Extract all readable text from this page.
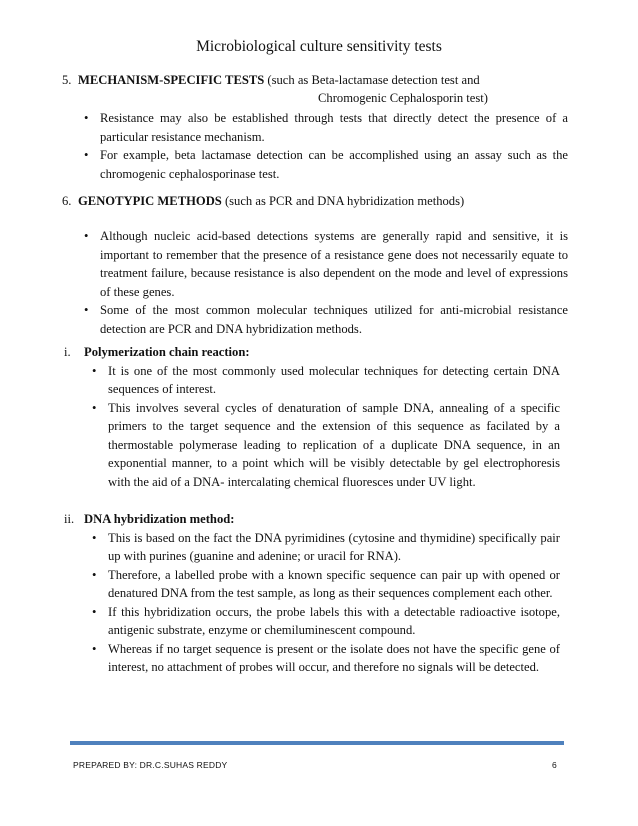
Microbiological culture sensitivity tests
5. MECHANISM-SPECIFIC TESTS (such as Beta-lactamase detection test and
Chromogenic Cephalosporin test)
• Resistance may also be established through tests that directly detect the presence of a particular resistance mechanism.
• For example, beta lactamase detection can be accomplished using an assay such as the chromogenic cephalosporinase test.
6. GENOTYPIC METHODS (such as PCR and DNA hybridization methods)
• Although nucleic acid-based detections systems are generally rapid and sensitive, it is important to remember that the presence of a resistance gene does not necessarily equate to treatment failure, because resistance is also dependent on the mode and level of expressions of these genes.
• Some of the most common molecular techniques utilized for anti-microbial resistance detection are PCR and DNA hybridization methods.
i. Polymerization chain reaction:
• It is one of the most commonly used molecular techniques for detecting certain DNA sequences of interest.
• This involves several cycles of denaturation of sample DNA, annealing of a specific primers to the target sequence and the extension of this sequence as facilated by a thermostable polymerase leading to replication of a duplicate DNA sequence, in an exponential manner, to a point which will be visibly detectable by gel electrophoresis with the aid of a DNA- intercalating chemical fluoresces under UV light.
ii. DNA hybridization method:
• This is based on the fact the DNA pyrimidines (cytosine and thymidine) specifically pair up with purines (guanine and adenine; or uracil for RNA).
• Therefore, a labelled probe with a known specific sequence can pair up with opened or denatured DNA from the test sample, as long as their sequences complement each other.
• If this hybridization occurs, the probe labels this with a detectable radioactive isotope, antigenic substrate, enzyme or chemiluminescent compound.
• Whereas if no target sequence is present or the isolate does not have the specific gene of interest, no attachment of probes will occur, and therefore no signals will be detected.
PREPARED BY: DR.C.SUHAS REDDY	6
